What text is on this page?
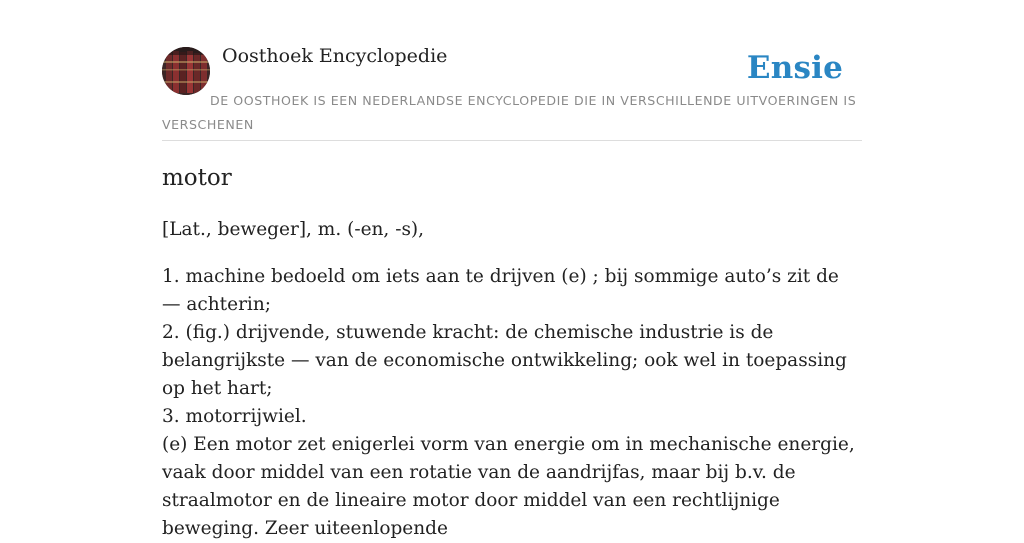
Oosthoek Encyclopedie	Ensie

DE OOSTHOEK IS EEN NEDERLANDSE ENCYCLOPEDIE DIE IN VERSCHILLENDE UITVOERINGEN IS VERSCHENEN

motor

[Lat., beweger], m. (-en, -s),

1. machine bedoeld om iets aan te drijven (e) ; bij sommige auto’s zit de — achterin;
2. (fig.) drijvende, stuwende kracht: de chemische industrie is de belangrijkste — van de economische ontwikkeling; ook wel in toepassing op het hart;
3. motorrijwiel.

(e) Een motor zet enigerlei vorm van energie om in mechanische energie, vaak door middel van een rotatie van de aandrijfas, maar bij b.v. de straalmotor en de lineaire motor door middel van een rechtlijnige beweging. Zeer uiteenlopende
